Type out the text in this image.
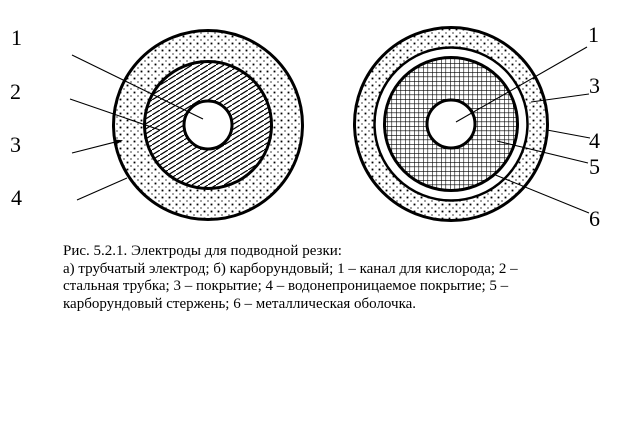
1
2
3
4
1
3
4
5
6
Рис. 5.2.1. Электроды для подводной резки:
а) трубчатый электрод; б) карборундовый; 1 – канал для кислорода; 2 –
стальная трубка; 3 – покрытие; 4 – водонепроницаемое покрытие; 5 –
карборундовый стержень; 6 – металлическая оболочка.
